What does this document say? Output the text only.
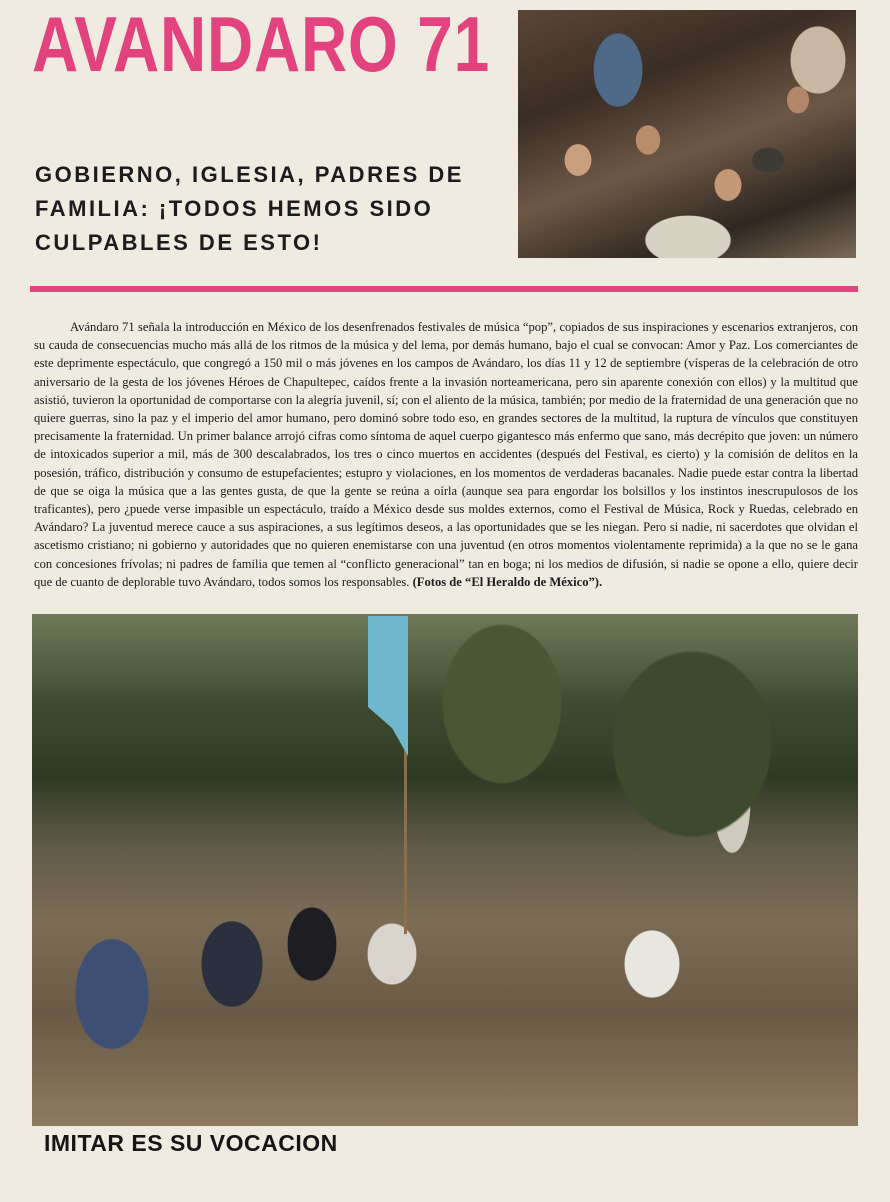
AVANDARO 71
GOBIERNO, IGLESIA, PADRES DE FAMILIA: ¡TODOS HEMOS SIDO CULPABLES DE ESTO!

Avándaro 71 señala la introducción en México de los desenfrenados festivales de música “pop”, copiados de sus inspiraciones y escenarios extranjeros, con su cauda de consecuencias mucho más allá de los ritmos de la música y del lema, por demás humano, bajo el cual se convocan: Amor y Paz. Los comerciantes de este deprimente espectáculo, que congregó a 150 mil o más jóvenes en los campos de Avándaro, los días 11 y 12 de septiembre (vísperas de la celebración de otro aniversario de la gesta de los jóvenes Héroes de Chapultepec, caídos frente a la invasión norteamericana, pero sin aparente conexión con ellos) y la multitud que asistió, tuvieron la oportunidad de comportarse con la alegría juvenil, sí; con el aliento de la música, también; por medio de la fraternidad de una generación que no quiere guerras, sino la paz y el imperio del amor humano, pero dominó sobre todo eso, en grandes sectores de la multitud, la ruptura de vínculos que constituyen precisamente la fraternidad. Un primer balance arrojó cifras como síntoma de aquel cuerpo gigantesco más enfermo que sano, más decrépito que joven: un número de intoxicados superior a mil, más de 300 descalabrados, los tres o cinco muertos en accidentes (después del Festival, es cierto) y la comisión de delitos en la posesión, tráfico, distribución y consumo de estupefacientes; estupro y violaciones, en los momentos de verdaderas bacanales. Nadie puede estar contra la libertad de que se oiga la música que a las gentes gusta, de que la gente se reúna a oírla (aunque sea para engordar los bolsillos y los instintos inescrupulosos de los traficantes), pero ¿puede verse impasible un espectáculo, traído a México desde sus moldes externos, como el Festival de Música, Rock y Ruedas, celebrado en Avándaro? La juventud merece cauce a sus aspiraciones, a sus legítimos deseos, a las oportunidades que se les niegan. Pero si nadie, ni sacerdotes que olvidan el ascetismo cristiano; ni gobierno y autoridades que no quieren enemistarse con una juventud (en otros momentos violentamente reprimida) a la que no se le gana con concesiones frívolas; ni padres de familia que temen al “conflicto generacional” tan en boga; ni los medios de difusión, si nadie se opone a ello, quiere decir que de cuanto de deplorable tuvo Avándaro, todos somos los responsables. (Fotos de “El Heraldo de México”).

IMITAR ES SU VOCACION
